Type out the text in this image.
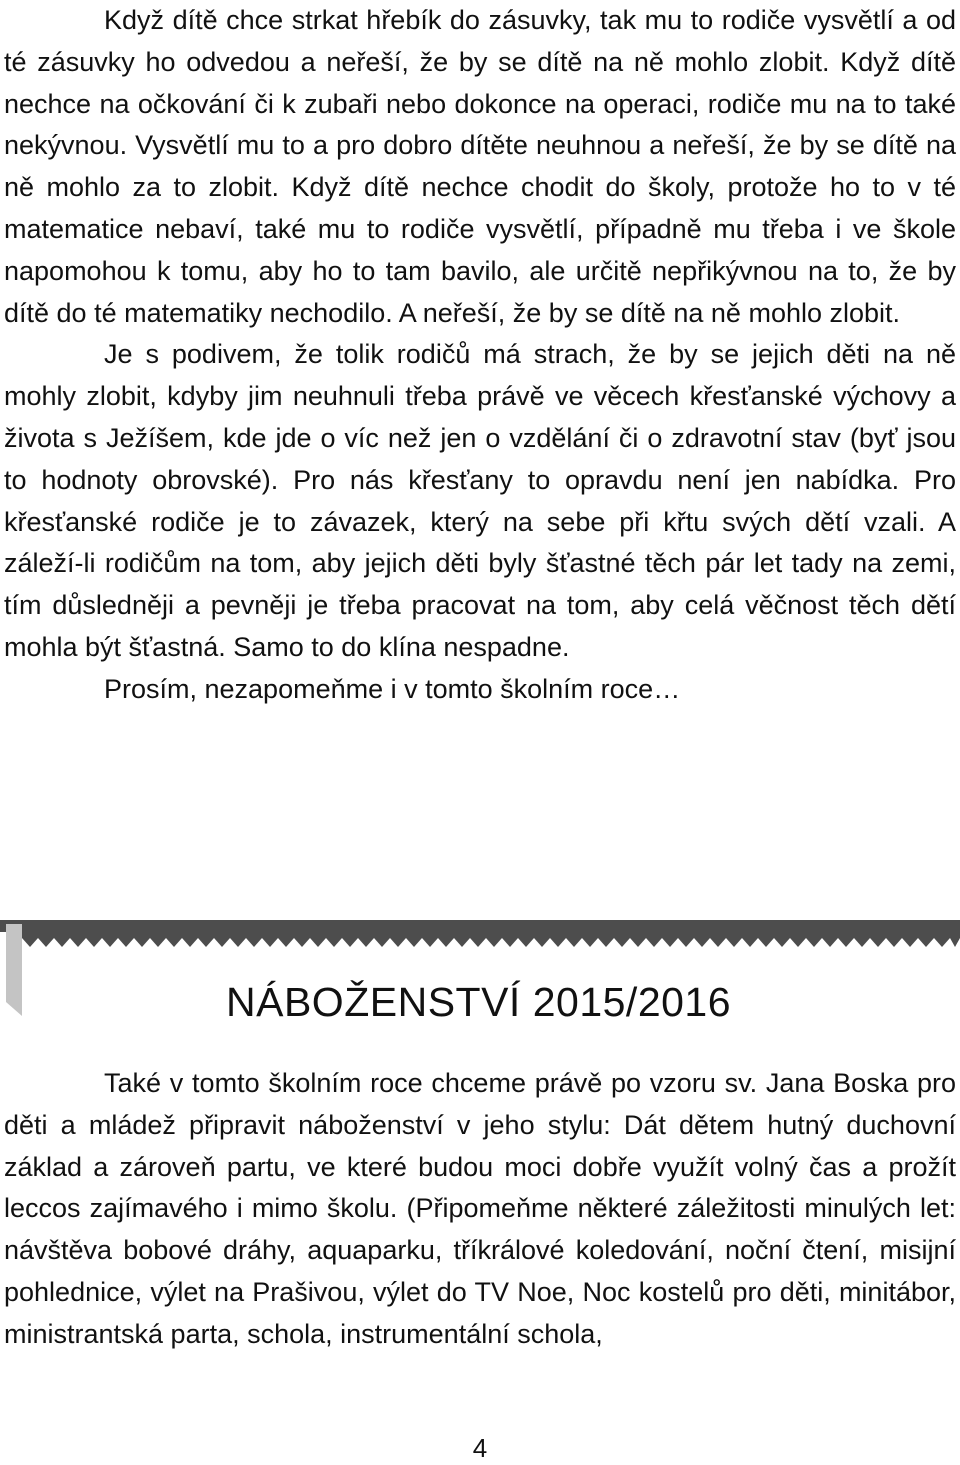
Když dítě chce strkat hřebík do zásuvky, tak mu to rodiče vysvětlí a od té zásuvky ho odvedou a neřeší, že by se dítě na ně mohlo zlobit. Když dítě nechce na očkování či k zubaři nebo dokonce na operaci, rodiče mu na to také nekývnou. Vysvětlí mu to a pro dobro dítěte neuhnou a neřeší, že by se dítě na ně mohlo za to zlobit. Když dítě nechce chodit do školy, protože ho to v té matematice nebaví, také mu to rodiče vysvětlí, případně mu třeba i ve škole napomohou k tomu, aby ho to tam bavilo, ale určitě nepřikývnou na to, že by dítě do té matematiky nechodilo. A neřeší, že by se dítě na ně mohlo zlobit.

Je s podivem, že tolik rodičů má strach, že by se jejich děti na ně mohly zlobit, kdyby jim neuhnuli třeba právě ve věcech křesťanské výchovy a života s Ježíšem, kde jde o víc než jen o vzdělání či o zdravotní stav (byť jsou to hodnoty obrovské). Pro nás křesťany to opravdu není jen nabídka. Pro křesťanské rodiče je to závazek, který na sebe při křtu svých dětí vzali. A záleží-li rodičům na tom, aby jejich děti byly šťastné těch pár let tady na zemi, tím důsledněji a pevněji je třeba pracovat na tom, aby celá věčnost těch dětí mohla být šťastná. Samo to do klína nespadne.

Prosím, nezapomeňme i v tomto školním roce…

NÁBOŽENSTVÍ 2015/2016

Také v tomto školním roce chceme právě po vzoru sv. Jana Boska pro děti a mládež připravit náboženství v jeho stylu: Dát dětem hutný duchovní základ a zároveň partu, ve které budou moci dobře využít volný čas a prožít leccos zajímavého i mimo školu. (Připomeňme některé záležitosti minulých let: návštěva bobové dráhy, aquaparku, tříkrálové koledování, noční čtení, misijní pohlednice, výlet na Prašivou, výlet do TV Noe, Noc kostelů pro děti, minitábor, ministrantská parta, schola, instrumentální schola,

4
